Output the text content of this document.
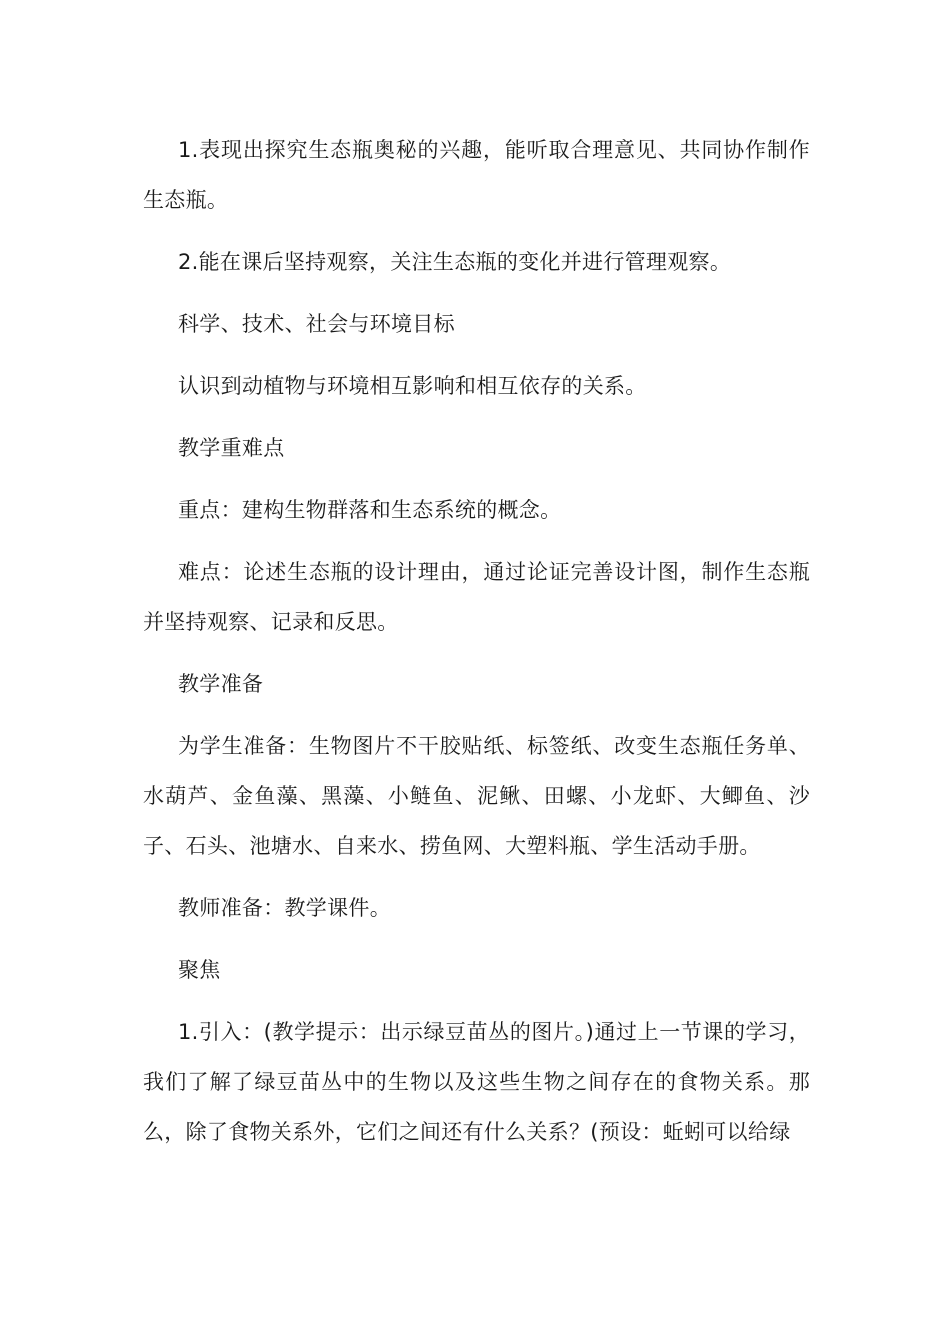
1.表现出探究生态瓶奥秘的兴趣，能听取合理意见、共同协作制作生态瓶。

2.能在课后坚持观察，关注生态瓶的变化并进行管理观察。

科学、技术、社会与环境目标

认识到动植物与环境相互影响和相互依存的关系。

教学重难点

重点：建构生物群落和生态系统的概念。

难点：论述生态瓶的设计理由，通过论证完善设计图，制作生态瓶并坚持观察、记录和反思。

教学准备

为学生准备：生物图片不干胶贴纸、标签纸、改变生态瓶任务单、水葫芦、金鱼藻、黑藻、小鲢鱼、泥鳅、田螺、小龙虾、大鲫鱼、沙子、石头、池塘水、自来水、捞鱼网、大塑料瓶、学生活动手册。

教师准备：教学课件。

聚焦

1.引入：(教学提示：出示绿豆苗丛的图片。)通过上一节课的学习，我们了解了绿豆苗丛中的生物以及这些生物之间存在的食物关系。那么，除了食物关系外，它们之间还有什么关系？(预设：蚯蚓可以给绿
